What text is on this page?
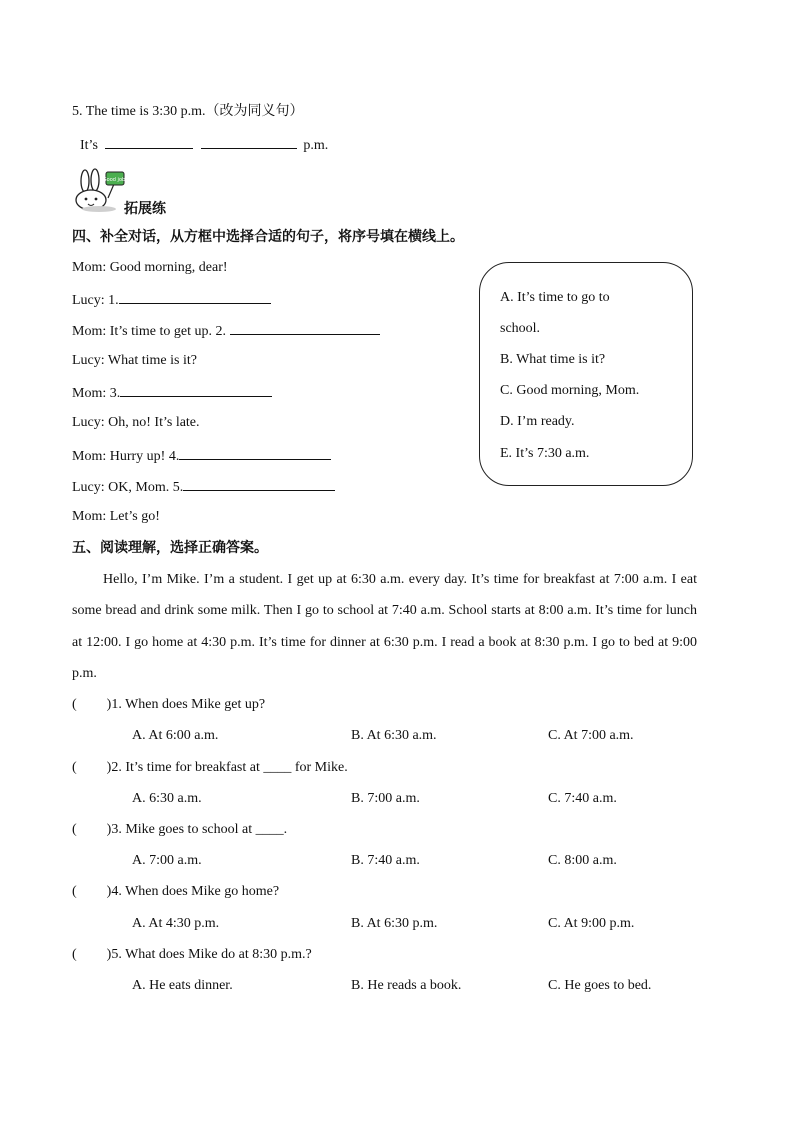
5. The time is 3:30 p.m.（改为同义句）
It’s	p.m.
Good job!
拓展练
四、补全对话，从方框中选择合适的句子，将序号填在横线上。
Mom: Good morning, dear!
Lucy: 1.
Mom: It’s time to get up. 2.
Lucy: What time is it?
Mom: 3.
Lucy: Oh, no! It’s late.
Mom: Hurry up! 4.
Lucy: OK, Mom. 5.
Mom: Let’s go!
A. It’s time to go to
school.
B. What time is it?
C. Good morning, Mom.
D. I’m ready.
E. It’s 7:30 a.m.
五、阅读理解，选择正确答案。
Hello, I’m Mike. I’m a student. I get up at 6:30 a.m. every day. It’s time for breakfast at 7:00 a.m. I eat some bread and drink some milk. Then I go to school at 7:40 a.m. School starts at 8:00 a.m. It’s time for lunch at 12:00. I go home at 4:30 p.m. It’s time for dinner at 6:30 p.m. I read a book at 8:30 p.m. I go to bed at 9:00 p.m.
( )1. When does Mike get up?
A. At 6:00 a.m.	B. At 6:30 a.m.	C. At 7:00 a.m.
( )2. It’s time for breakfast at ____ for Mike.
A. 6:30 a.m.	B. 7:00 a.m.	C. 7:40 a.m.
( )3. Mike goes to school at ____.
A. 7:00 a.m.	B. 7:40 a.m.	C. 8:00 a.m.
( )4. When does Mike go home?
A. At 4:30 p.m.	B. At 6:30 p.m.	C. At 9:00 p.m.
( )5. What does Mike do at 8:30 p.m.?
A. He eats dinner.	B. He reads a book.	C. He goes to bed.
